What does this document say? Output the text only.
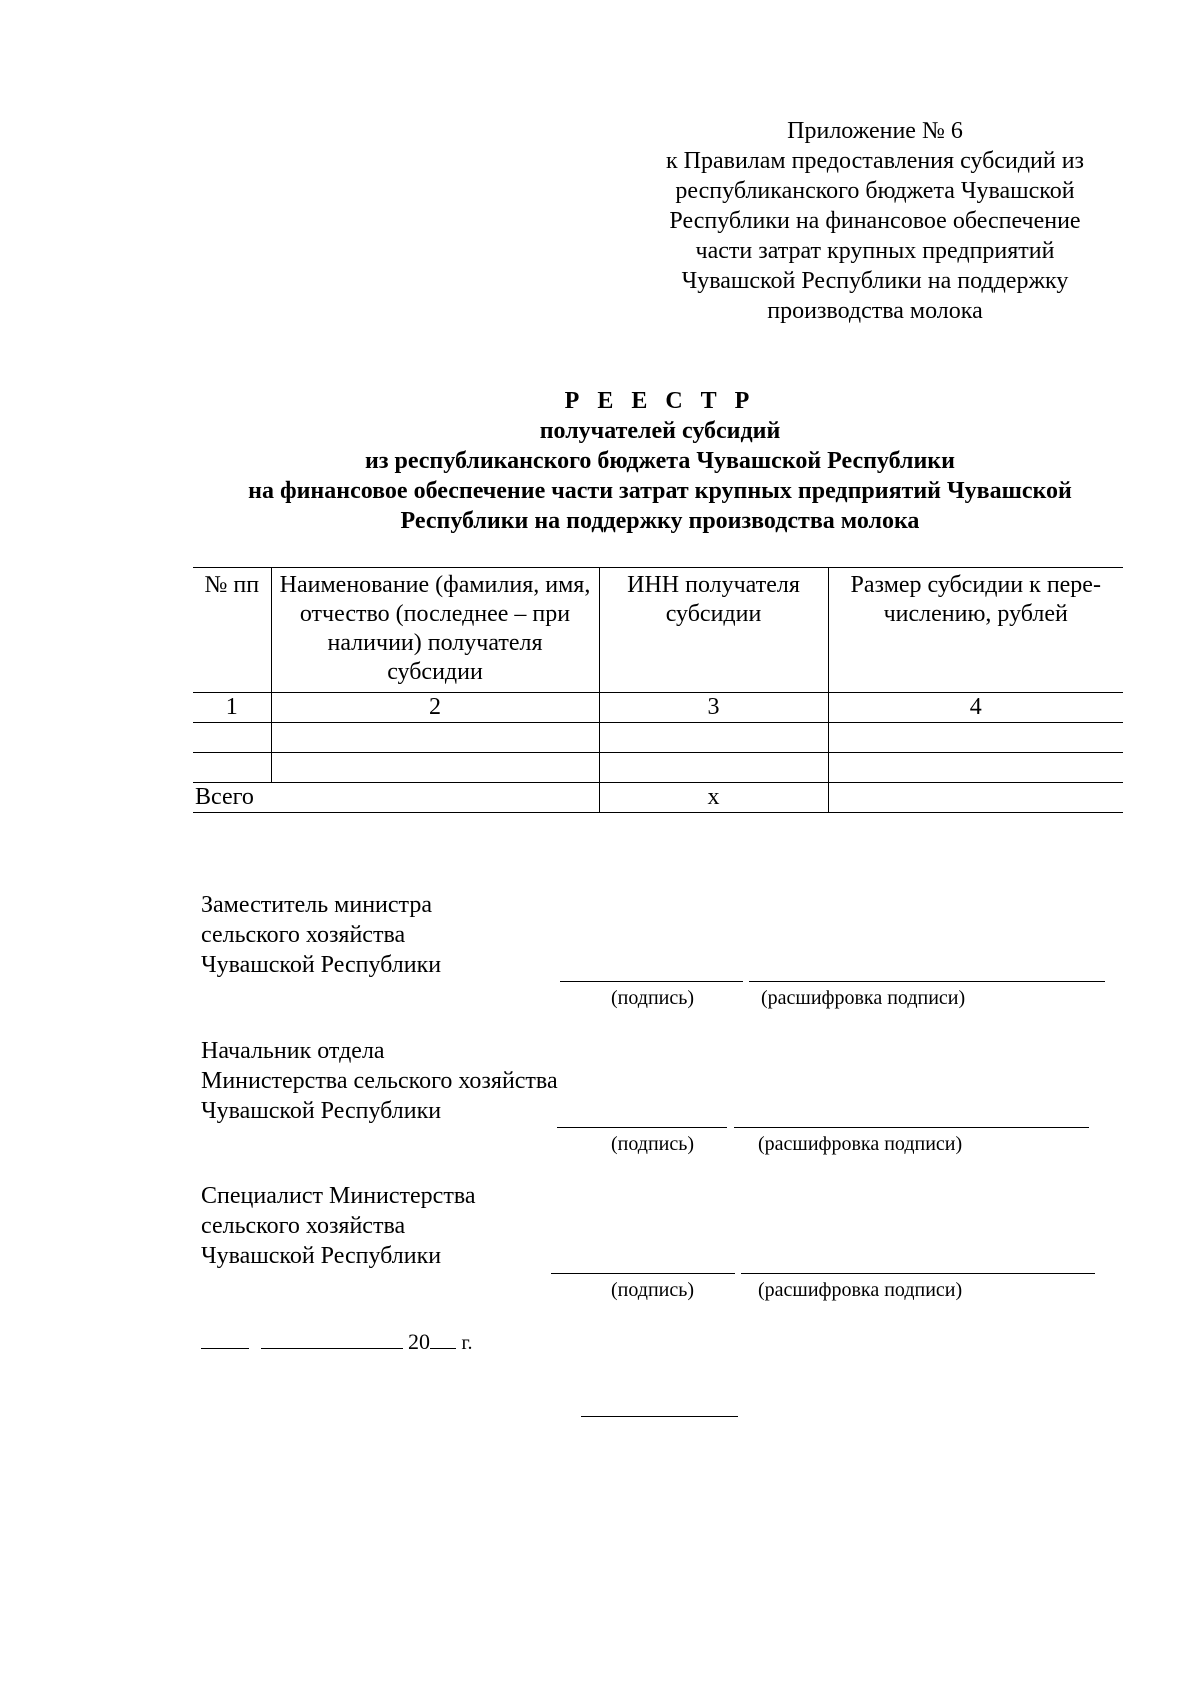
Приложение № 6
к Правилам предоставления субсидий из
республиканского бюджета Чувашской
Республики на финансовое обеспечение
части затрат крупных предприятий
Чувашской Республики на поддержку
производства молока
Р Е Е С Т Р
получателей субсидий
из республиканского бюджета Чувашской Республики
на финансовое обеспечение части затрат крупных предприятий Чувашской
Республики на поддержку производства молока
№ пп	Наименование (фамилия, имя, отчество (последнее – при наличии) получателя субсидии	ИНН получателя субсидии	Размер субсидии к пере-числению, рублей
1	2	3	4

Всего		х	
Заместитель министра
сельского хозяйства
Чувашской Республики
(подпись)	(расшифровка подписи)
Начальник отдела
Министерства сельского хозяйства
Чувашской Республики
(подпись)	(расшифровка подписи)
Специалист Министерства
сельского хозяйства
Чувашской Республики
(подпись)	(расшифровка подписи)
20 г.
